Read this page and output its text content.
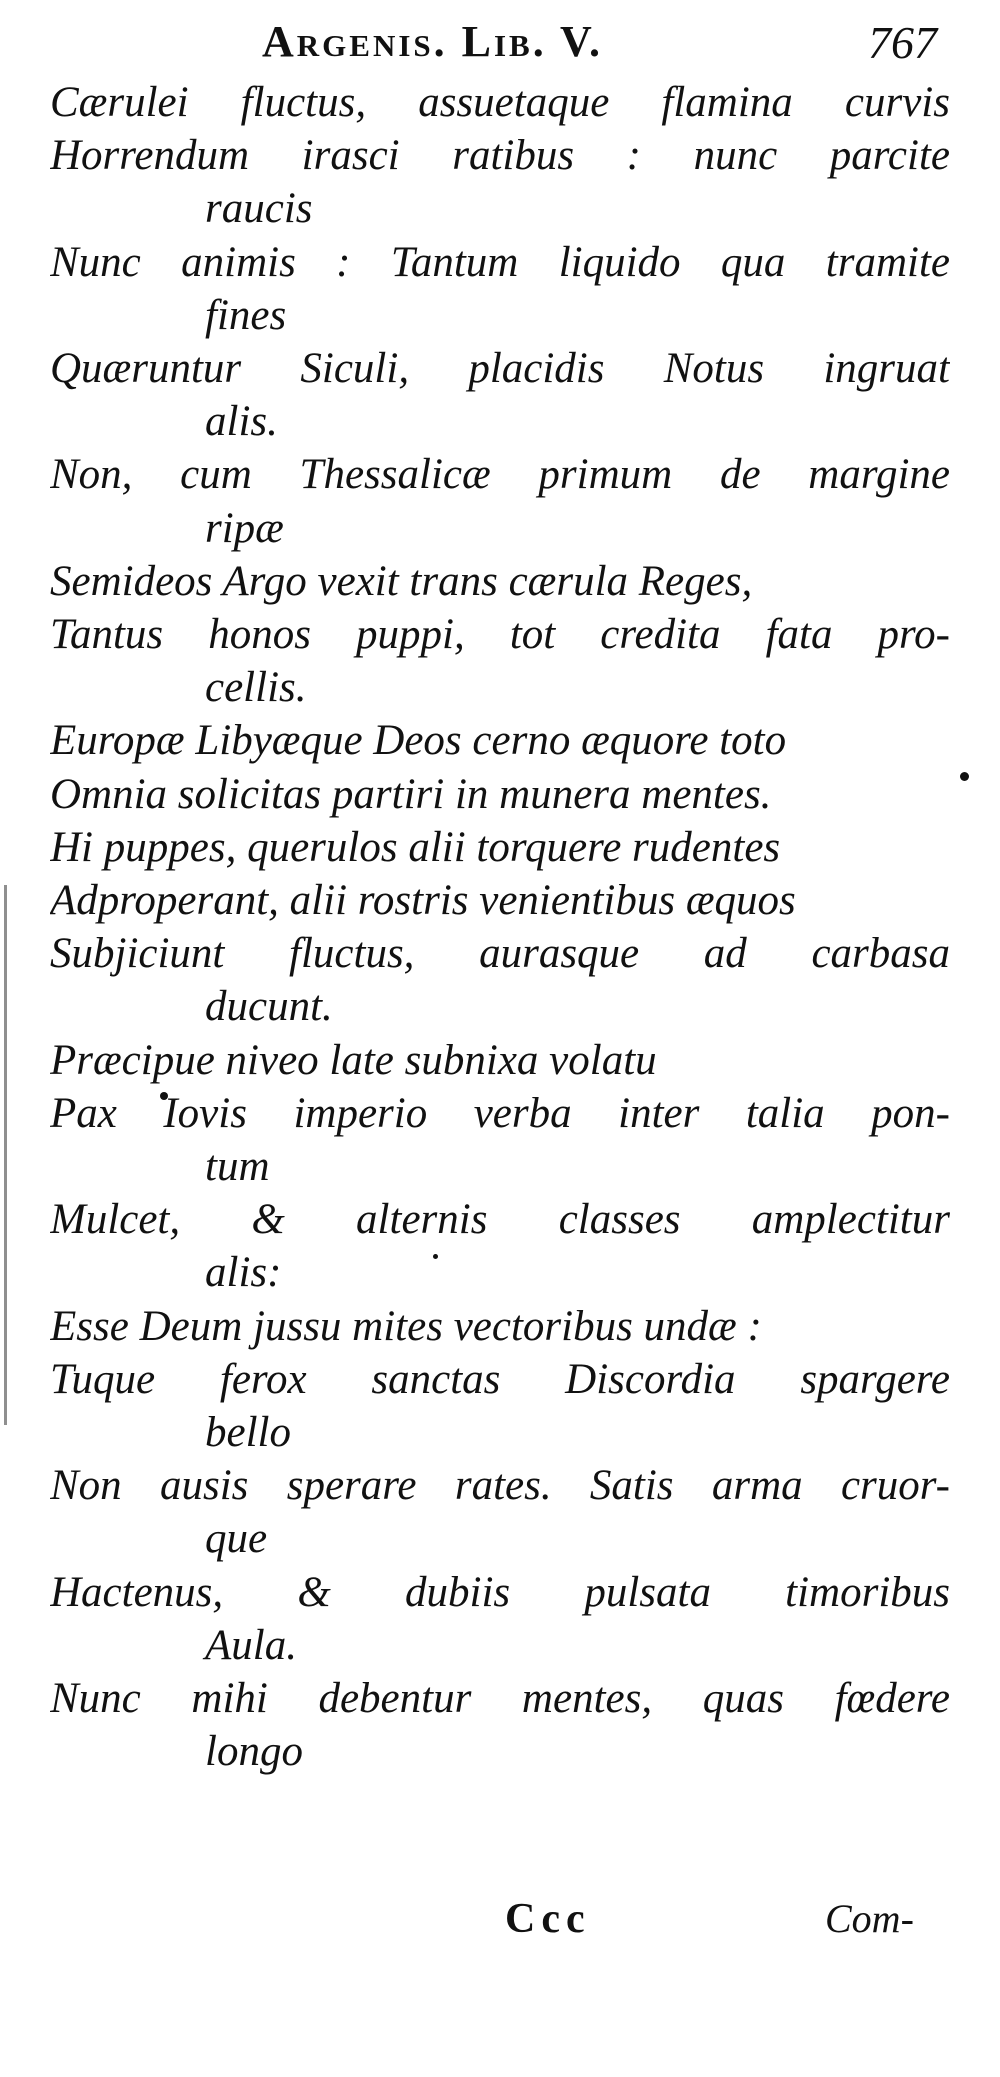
Argenis. Lib. V.	767
Cærulei fluctus, assuetaque flamina curvis
Horrendum irasci ratibus : nunc parcite
raucis
Nunc animis : Tantum liquido qua tramite
fines
Quæruntur Siculi, placidis Notus ingruat
alis.
Non, cum Thessalicæ primum de margine
ripæ
Semideos Argo vexit trans cærula Reges,
Tantus honos puppi, tot credita fata pro-
cellis.
Europæ Libyæque Deos cerno æquore toto
Omnia solicitas partiri in munera mentes.
Hi puppes, querulos alii torquere rudentes
Adproperant, alii rostris venientibus æquos
Subjiciunt fluctus, aurasque ad carbasa
ducunt.
Præcipue niveo late subnixa volatu
Pax Iovis imperio verba inter talia pon-
tum
Mulcet, & alternis classes amplectitur
alis:
Esse Deum jussu mites vectoribus undæ :
Tuque ferox sanctas Discordia spargere
bello
Non ausis sperare rates. Satis arma cruor-
que
Hactenus, & dubiis pulsata timoribus
Aula.
Nunc mihi debentur mentes, quas fœdere
longo
Ccc	Com-
